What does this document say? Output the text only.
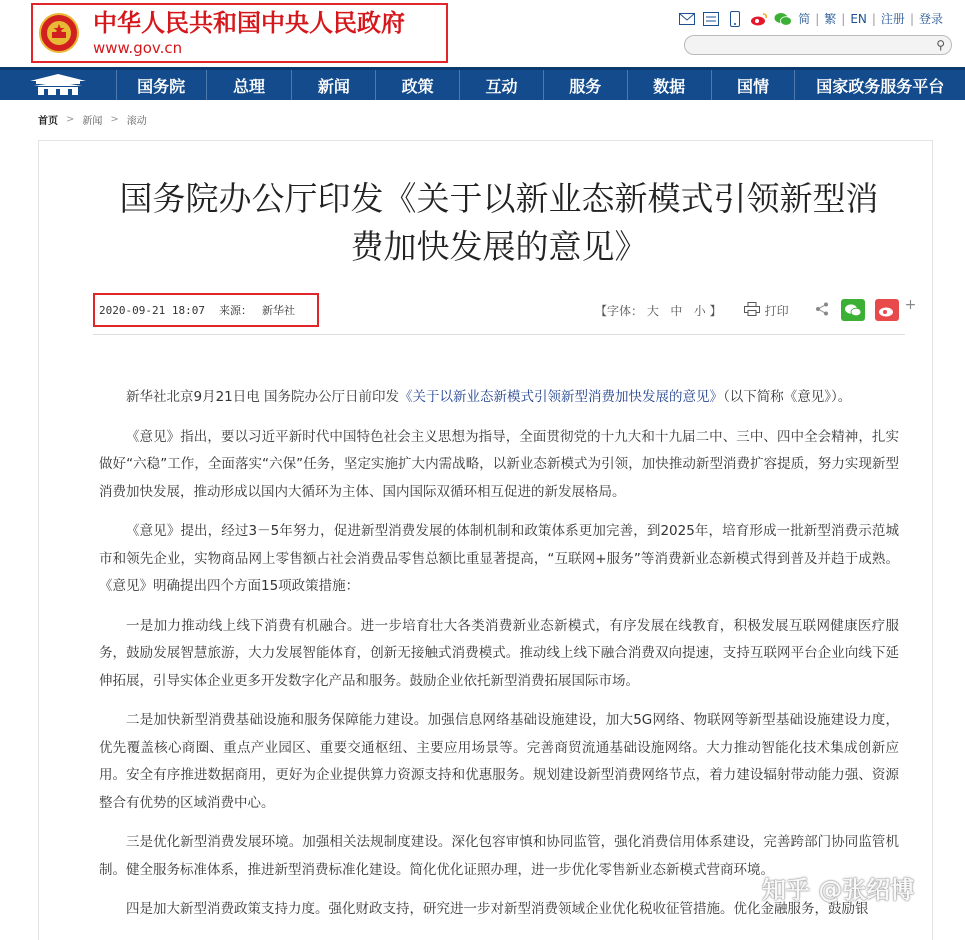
中华人民共和国中央人民政府
www.gov.cn
简 | 繁 | EN | 注册 | 登录
⚲
国务院	总理	新闻	政策	互动	服务	数据	国情	国家政务服务平台
首页 > 新闻 > 滚动
国务院办公厅印发《关于以新业态新模式引领新型消
费加快发展的意见》
2020-09-21 18:07 来源： 新华社	【字体： 大 中 小 】	打印	+

新华社北京9月21日电 国务院办公厅日前印发《关于以新业态新模式引领新型消费加快发展的意见》（以下简称《意见》）。

《意见》指出，要以习近平新时代中国特色社会主义思想为指导，全面贯彻党的十九大和十九届二中、三中、四中全会精神，扎实做好“六稳”工作，全面落实“六保”任务，坚定实施扩大内需战略，以新业态新模式为引领，加快推动新型消费扩容提质，努力实现新型消费加快发展，推动形成以国内大循环为主体、国内国际双循环相互促进的新发展格局。

《意见》提出，经过3－5年努力，促进新型消费发展的体制机制和政策体系更加完善，到2025年，培育形成一批新型消费示范城市和领先企业，实物商品网上零售额占社会消费品零售总额比重显著提高，“互联网+服务”等消费新业态新模式得到普及并趋于成熟。《意见》明确提出四个方面15项政策措施：

一是加力推动线上线下消费有机融合。进一步培育壮大各类消费新业态新模式，有序发展在线教育，积极发展互联网健康医疗服务，鼓励发展智慧旅游，大力发展智能体育，创新无接触式消费模式。推动线上线下融合消费双向提速，支持互联网平台企业向线下延伸拓展，引导实体企业更多开发数字化产品和服务。鼓励企业依托新型消费拓展国际市场。

二是加快新型消费基础设施和服务保障能力建设。加强信息网络基础设施建设，加大5G网络、物联网等新型基础设施建设力度，优先覆盖核心商圈、重点产业园区、重要交通枢纽、主要应用场景等。完善商贸流通基础设施网络。大力推动智能化技术集成创新应用。安全有序推进数据商用，更好为企业提供算力资源支持和优惠服务。规划建设新型消费网络节点，着力建设辐射带动能力强、资源整合有优势的区域消费中心。

三是优化新型消费发展环境。加强相关法规制度建设。深化包容审慎和协同监管，强化消费信用体系建设，完善跨部门协同监管机制。健全服务标准体系，推进新型消费标准化建设。简化优化证照办理，进一步优化零售新业态新模式营商环境。

四是加大新型消费政策支持力度。强化财政支持，研究进一步对新型消费领域企业优化税收征管措施。优化金融服务，鼓励银

知乎 @张绍博
